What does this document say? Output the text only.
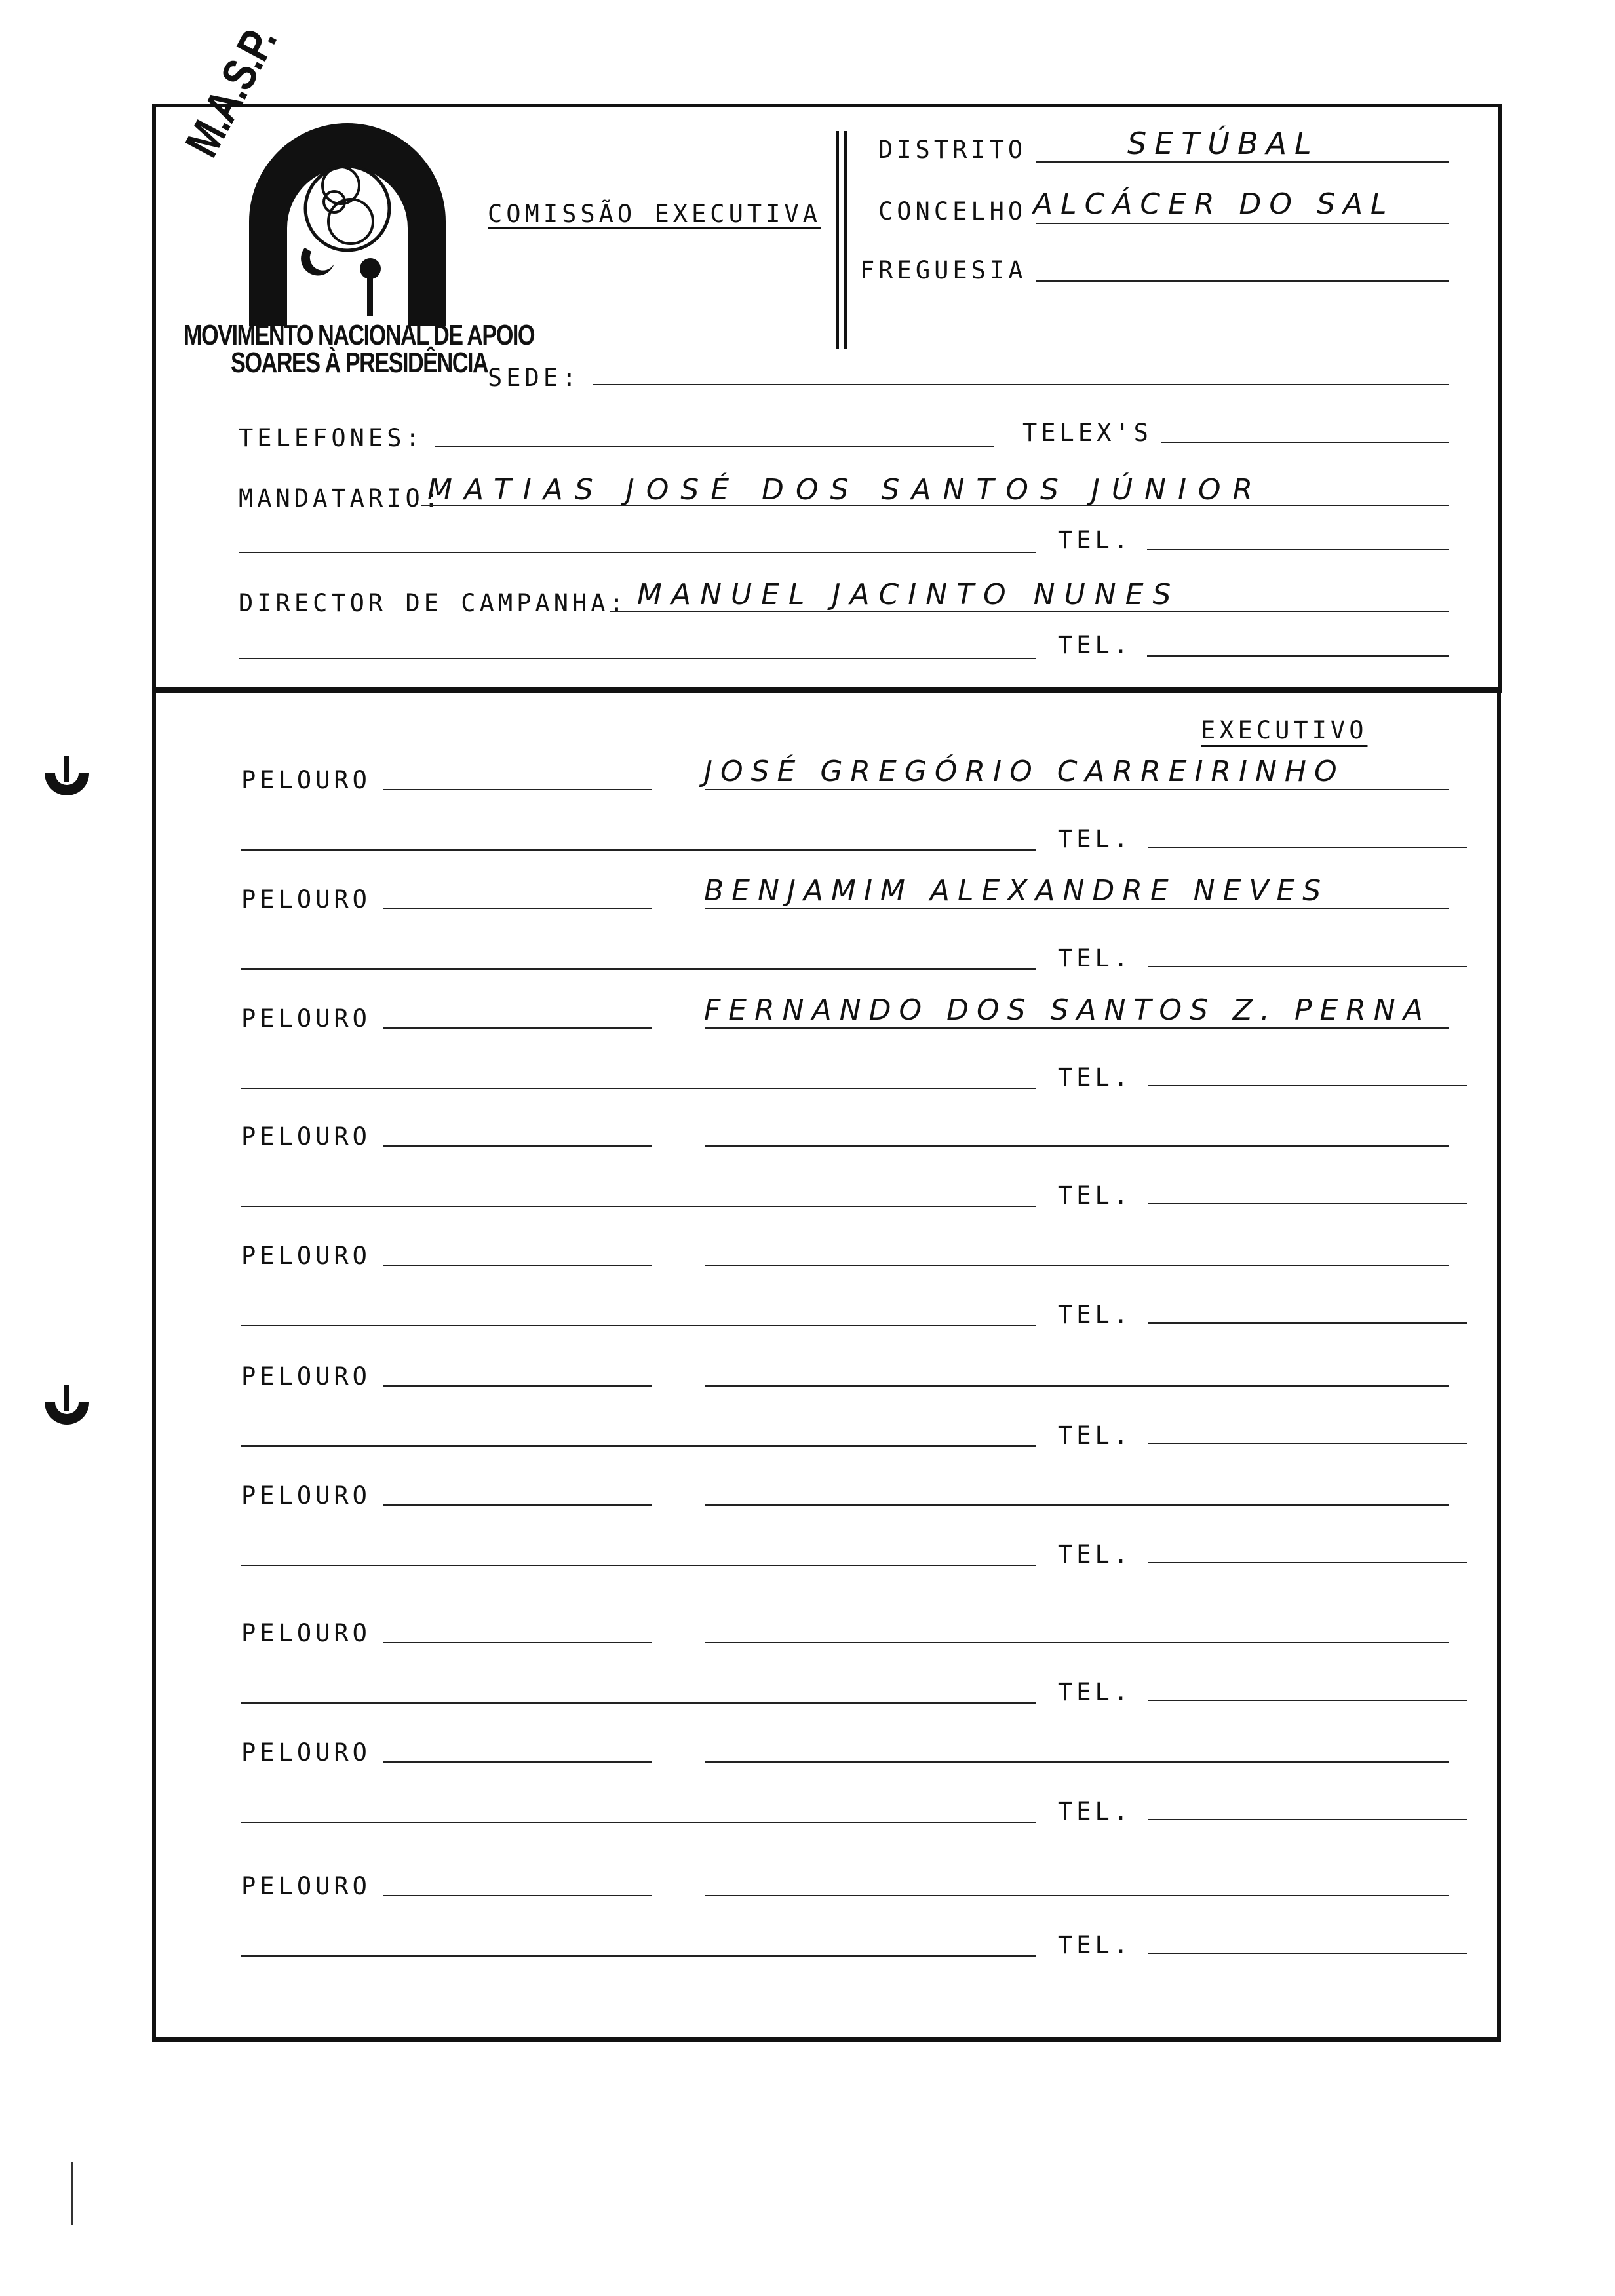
M.A.S.P.
MOVIMENTO NACIONAL DE APOIO
SOARES À PRESIDÊNCIA
COMISSÃO EXECUTIVA
DISTRITO	SETÚBAL
CONCELHO ALCÁCER DO SAL
FREGUESIA
SEDE:
TELEFONES:	TELEX'S
MANDATARIO:
MATIAS JOSÉ DOS SANTOS JÚNIOR
TEL.
DIRECTOR DE CAMPANHA: MANUEL JACINTO NUNES
TEL.
EXECUTIVO
PELOURO	JOSÉ GREGÓRIO CARREIRINHO
TEL.
PELOURO	BENJAMIM ALEXANDRE NEVES
TEL.
PELOURO	FERNANDO DOS SANTOS Z. PERNA
TEL.
PELOURO
TEL.
PELOURO
TEL.
PELOURO
TEL.
PELOURO
TEL.
PELOURO
TEL.
PELOURO
TEL.
PELOURO
TEL.
